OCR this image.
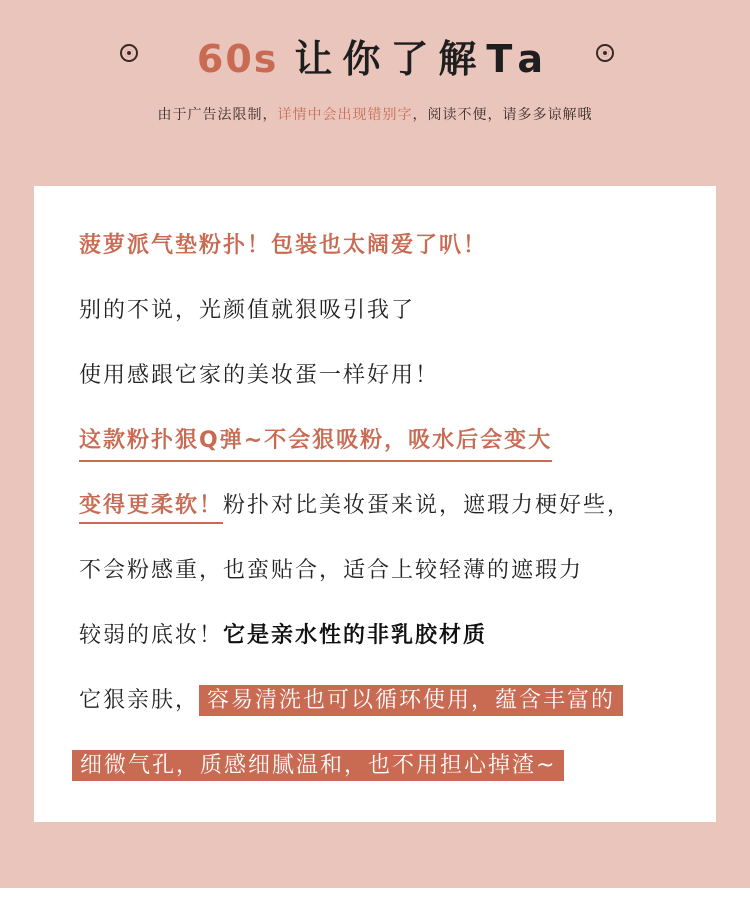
60s 让你了解Ta
由于广告法限制，详情中会出现错别字，阅读不便，请多多谅解哦
菠萝派气垫粉扑！包装也太阔爱了叭！
别的不说，光颜值就狠吸引我了
使用感跟它家的美妆蛋一样好用！
这款粉扑狠Q弹~不会狠吸粉，吸水后会变大
变得更柔软！粉扑对比美妆蛋来说，遮瑕力梗好些，
不会粉感重，也蛮贴合，适合上较轻薄的遮瑕力
较弱的底妆！它是亲水性的非乳胶材质
它狠亲肤， 容易清洗也可以循环使用，蕴含丰富的
细微气孔，质感细腻温和，也不用担心掉渣~
